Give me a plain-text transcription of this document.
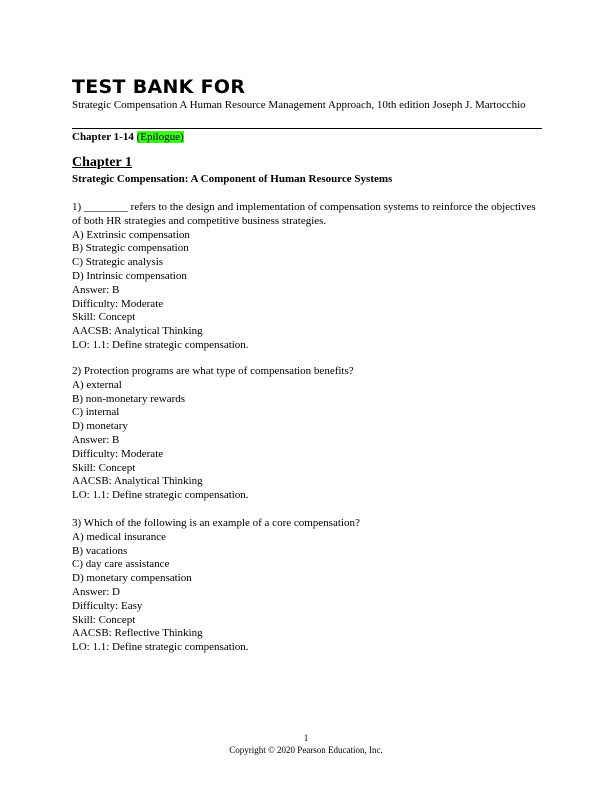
TEST BANK FOR
Strategic Compensation A Human Resource Management Approach, 10th edition Joseph J. Martocchio
Chapter 1-14 (Epilogue)
Chapter 1
Strategic Compensation: A Component of Human Resource Systems
1) ________ refers to the design and implementation of compensation systems to reinforce the objectives of both HR strategies and competitive business strategies.
A) Extrinsic compensation
B) Strategic compensation
C) Strategic analysis
D) Intrinsic compensation
Answer: B
Difficulty: Moderate
Skill: Concept
AACSB: Analytical Thinking
LO: 1.1: Define strategic compensation.
2) Protection programs are what type of compensation benefits?
A) external
B) non-monetary rewards
C) internal
D) monetary
Answer: B
Difficulty: Moderate
Skill: Concept
AACSB: Analytical Thinking
LO: 1.1: Define strategic compensation.
3) Which of the following is an example of a core compensation?
A) medical insurance
B) vacations
C) day care assistance
D) monetary compensation
Answer: D
Difficulty: Easy
Skill: Concept
AACSB: Reflective Thinking
LO: 1.1: Define strategic compensation.
1
Copyright © 2020 Pearson Education, Inc.
